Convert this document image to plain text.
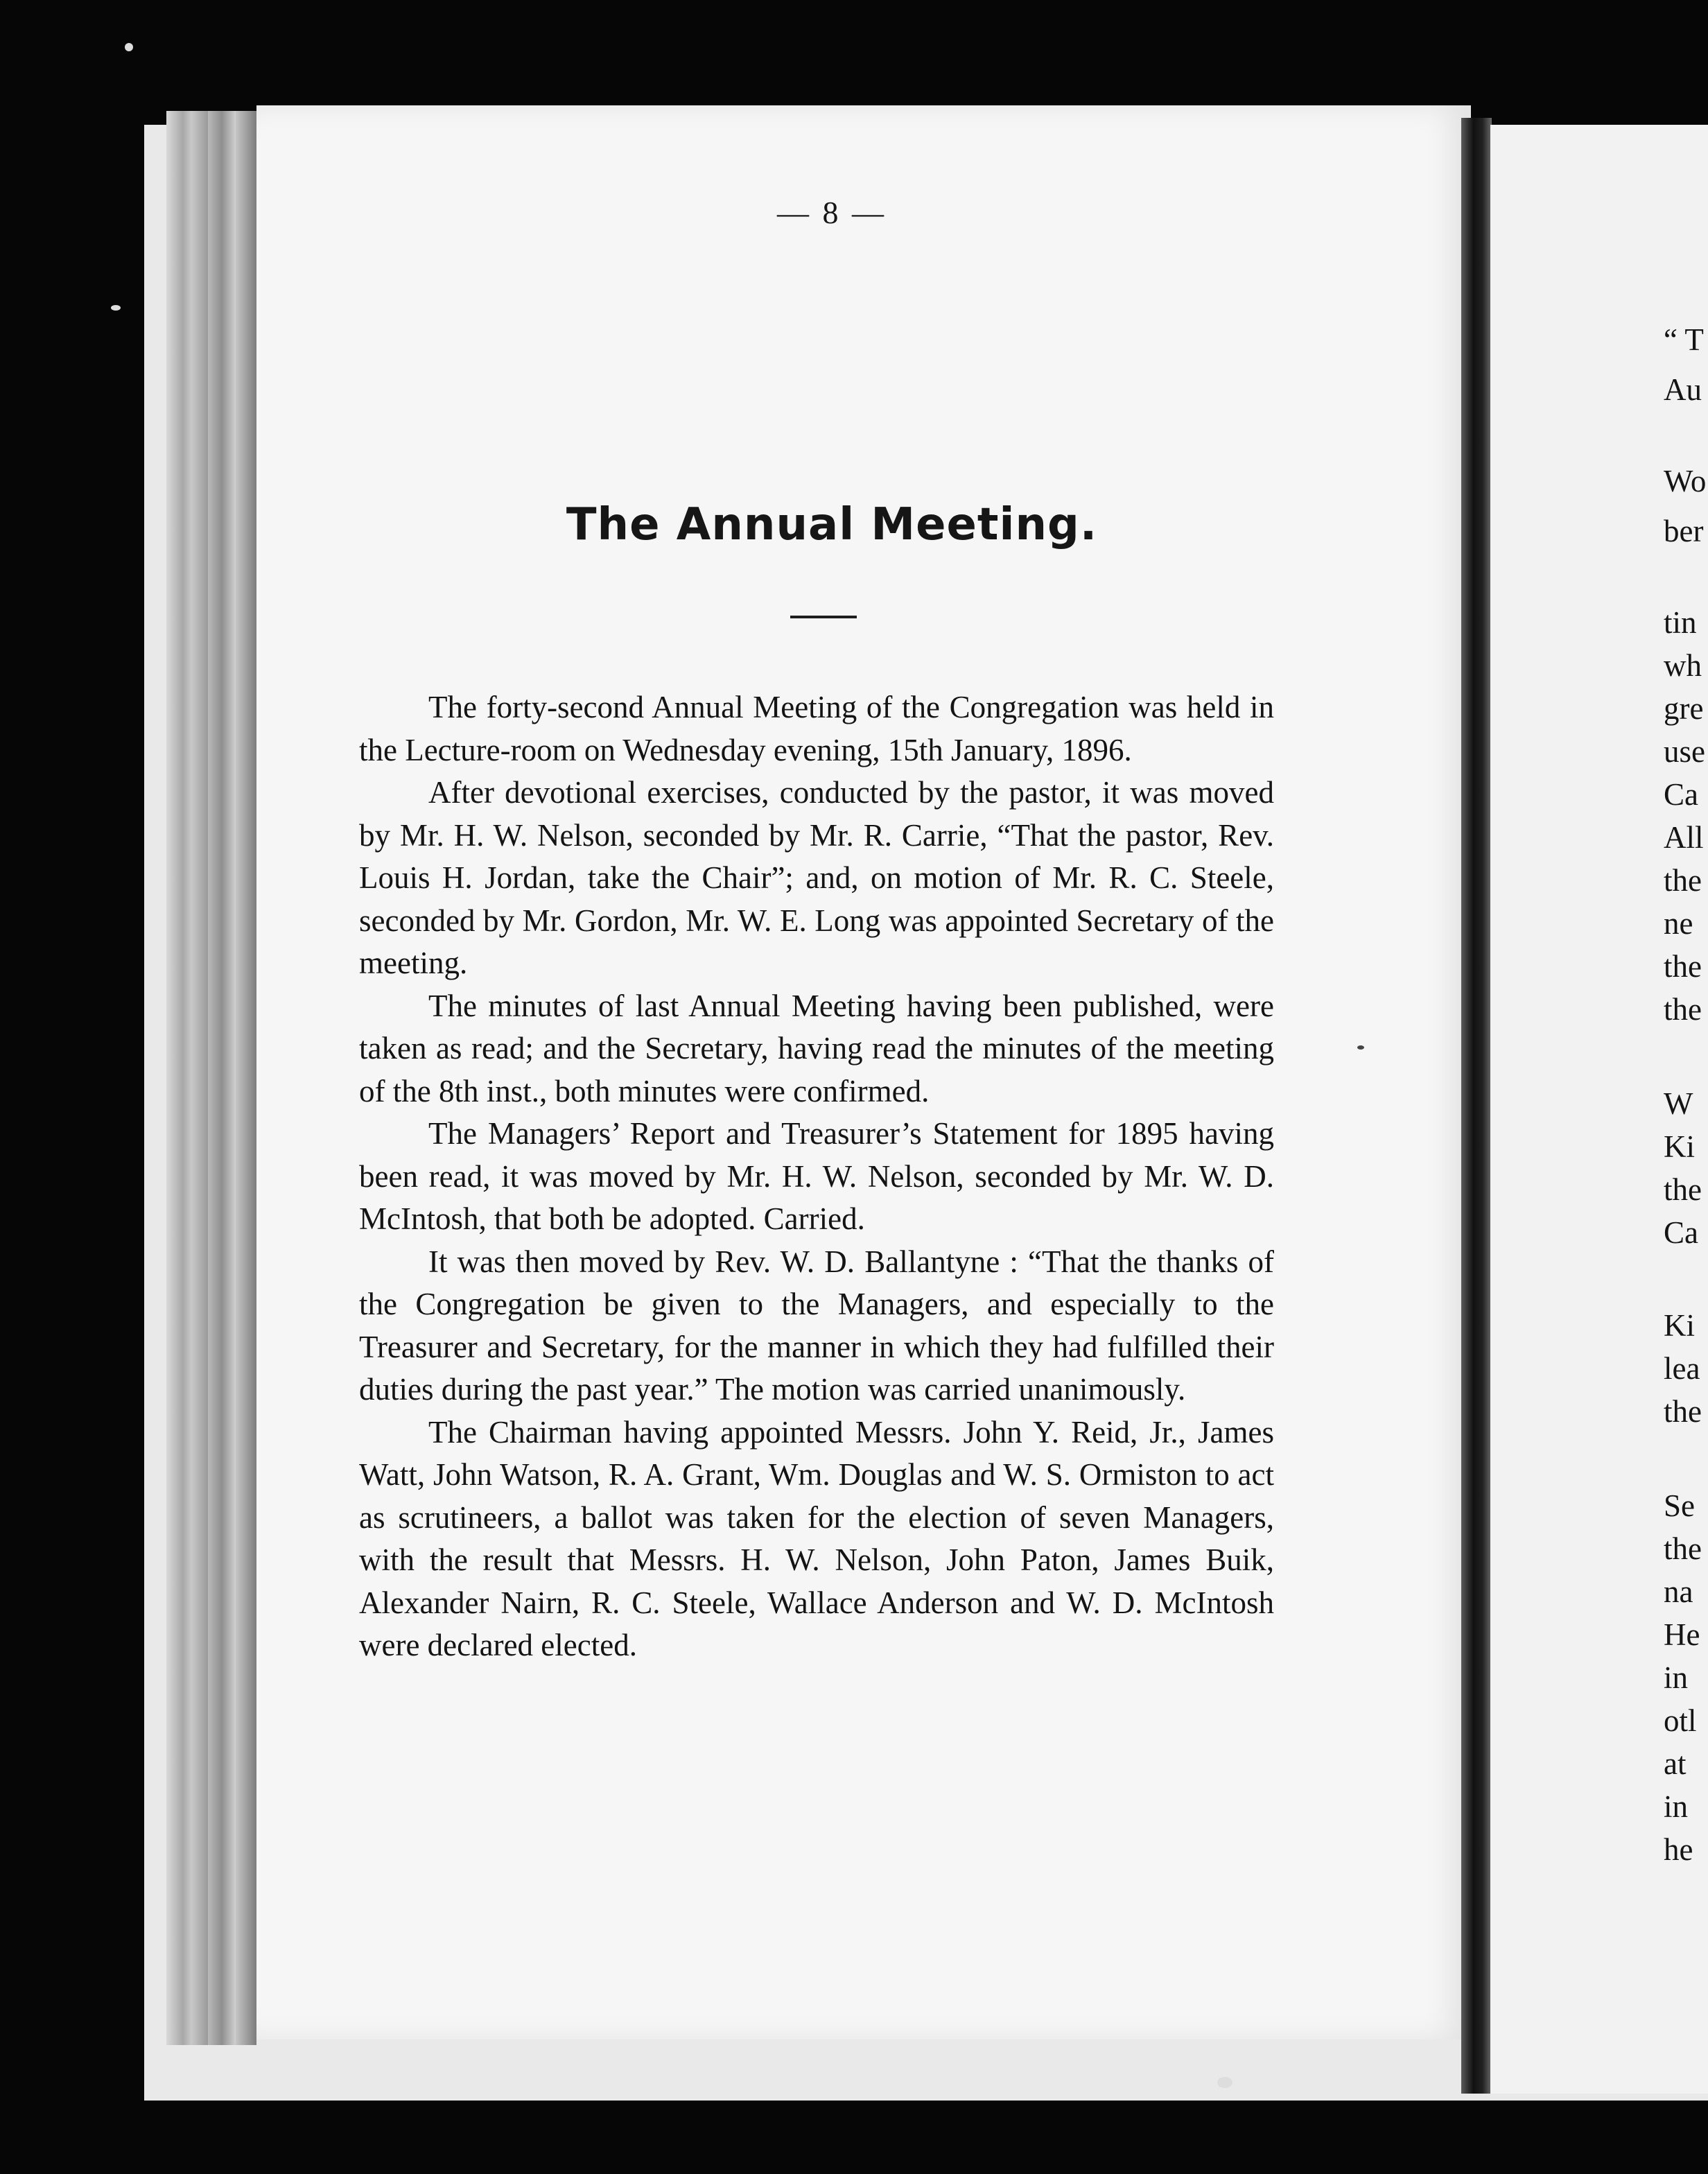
— 8 —
The Annual Meeting.

The forty-second Annual Meeting of the Congregation was held in the Lecture-room on Wednesday evening, 15th January, 1896.

After devotional exercises, conducted by the pastor, it was moved by Mr. H. W. Nelson, seconded by Mr. R. Carrie, “That the pastor, Rev. Louis H. Jordan, take the Chair”; and, on motion of Mr. R. C. Steele, seconded by Mr. Gordon, Mr. W. E. Long was appointed Secretary of the meeting.

The minutes of last Annual Meeting having been published, were taken as read; and the Secretary, having read the minutes of the meeting of the 8th inst., both minutes were confirmed.

The Managers’ Report and Treasurer’s Statement for 1895 having been read, it was moved by Mr. H. W. Nelson, seconded by Mr. W. D. McIntosh, that both be adopted. Carried.

It was then moved by Rev. W. D. Ballantyne : “That the thanks of the Congregation be given to the Managers, and especially to the Treasurer and Secretary, for the manner in which they had fulfilled their duties during the past year.” The motion was carried unanimously.

The Chairman having appointed Messrs. John Y. Reid, Jr., James Watt, John Watson, R. A. Grant, Wm. Douglas and W. S. Ormiston to act as scrutineers, a ballot was taken for the election of seven Managers, with the result that Messrs. H. W. Nelson, John Paton, James Buik, Alexander Nairn, R. C. Steele, Wallace Anderson and W. D. McIntosh were declared elected.

“ T
Au
Wo
ber
tin
wh
gre
use
Ca
All
the
ne
the
the
W
Ki
the
Ca
Ki
lea
the
Se
the
na
He
in
otl
at
in
he
